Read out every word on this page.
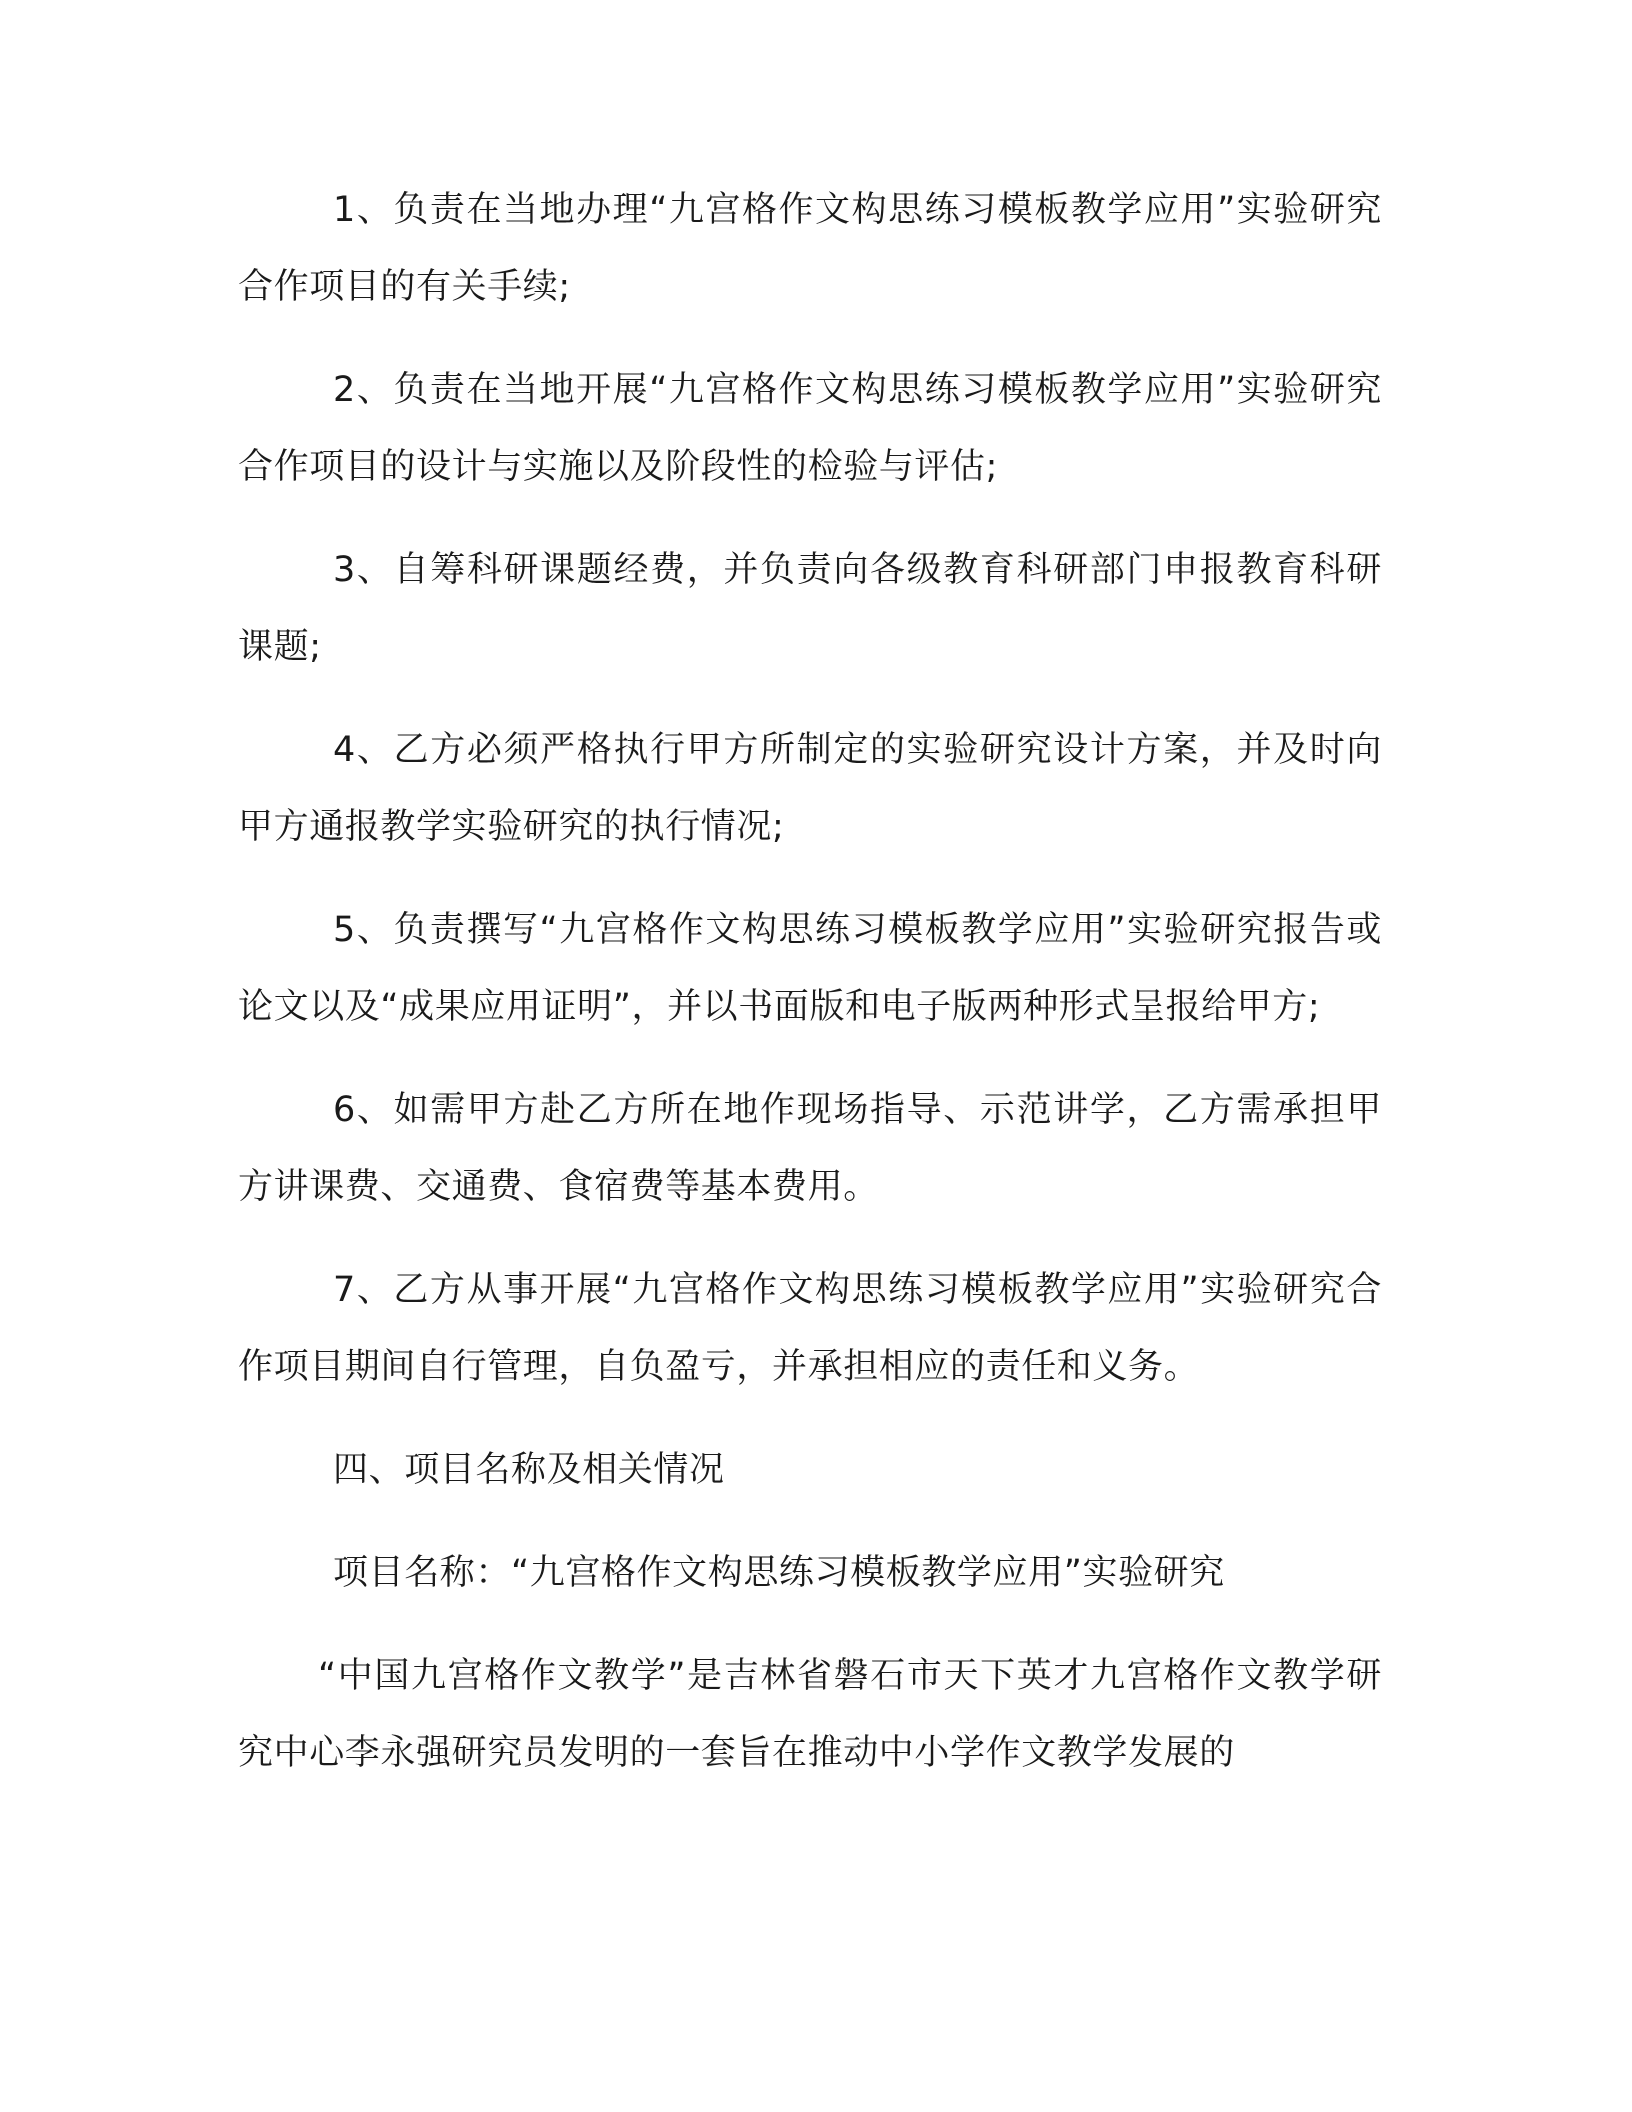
1、负责在当地办理“九宫格作文构思练习模板教学应用”实验研究合作项目的有关手续;

2、负责在当地开展“九宫格作文构思练习模板教学应用”实验研究合作项目的设计与实施以及阶段性的检验与评估;

3、自筹科研课题经费，并负责向各级教育科研部门申报教育科研课题;

4、乙方必须严格执行甲方所制定的实验研究设计方案，并及时向甲方通报教学实验研究的执行情况;

5、负责撰写“九宫格作文构思练习模板教学应用”实验研究报告或论文以及“成果应用证明”，并以书面版和电子版两种形式呈报给甲方;

6、如需甲方赴乙方所在地作现场指导、示范讲学，乙方需承担甲方讲课费、交通费、食宿费等基本费用。

7、乙方从事开展“九宫格作文构思练习模板教学应用”实验研究合作项目期间自行管理，自负盈亏，并承担相应的责任和义务。

四、项目名称及相关情况

项目名称：“九宫格作文构思练习模板教学应用”实验研究

“中国九宫格作文教学”是吉林省磐石市天下英才九宫格作文教学研究中心李永强研究员发明的一套旨在推动中小学作文教学发展的
